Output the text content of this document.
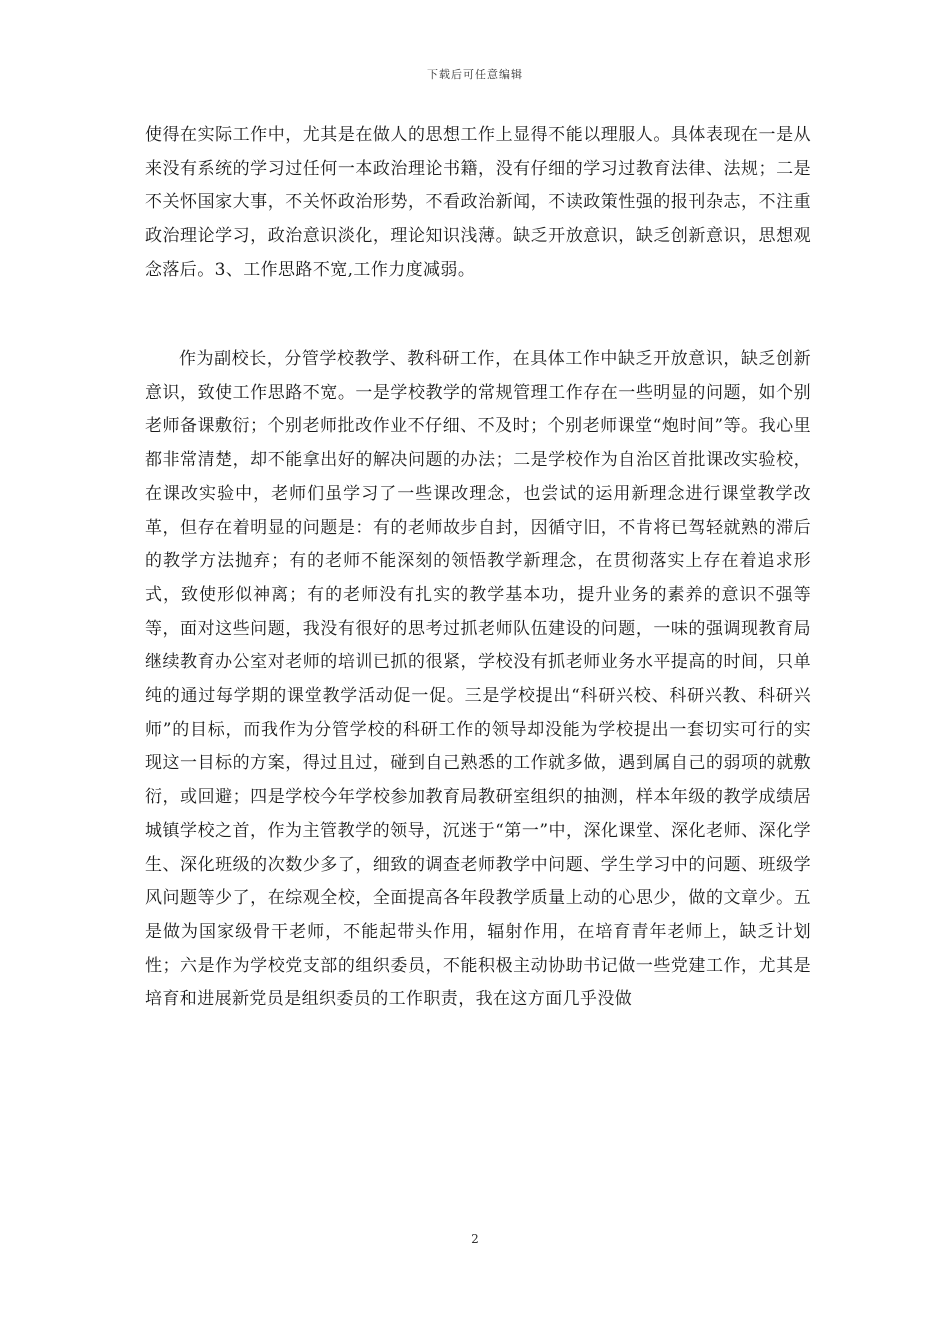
下载后可任意编辑

使得在实际工作中，尤其是在做人的思想工作上显得不能以理服人。具体表现在一是从来没有系统的学习过任何一本政治理论书籍，没有仔细的学习过教育法律、法规；二是不关怀国家大事，不关怀政治形势，不看政治新闻，不读政策性强的报刊杂志，不注重政治理论学习，政治意识淡化，理论知识浅薄。缺乏开放意识，缺乏创新意识，思想观念落后。3、工作思路不宽,工作力度减弱。

作为副校长，分管学校教学、教科研工作，在具体工作中缺乏开放意识，缺乏创新意识，致使工作思路不宽。一是学校教学的常规管理工作存在一些明显的问题，如个别老师备课敷衍；个别老师批改作业不仔细、不及时；个别老师课堂“炮时间”等。我心里都非常清楚，却不能拿出好的解决问题的办法；二是学校作为自治区首批课改实验校，在课改实验中，老师们虽学习了一些课改理念，也尝试的运用新理念进行课堂教学改革，但存在着明显的问题是：有的老师故步自封，因循守旧，不肯将已驾轻就熟的滞后的教学方法抛弃；有的老师不能深刻的领悟教学新理念，在贯彻落实上存在着追求形式，致使形似神离；有的老师没有扎实的教学基本功，提升业务的素养的意识不强等等，面对这些问题，我没有很好的思考过抓老师队伍建设的问题，一味的强调现教育局继续教育办公室对老师的培训已抓的很紧，学校没有抓老师业务水平提高的时间，只单纯的通过每学期的课堂教学活动促一促。三是学校提出“科研兴校、科研兴教、科研兴师”的目标，而我作为分管学校的科研工作的领导却没能为学校提出一套切实可行的实现这一目标的方案，得过且过，碰到自己熟悉的工作就多做，遇到属自己的弱项的就敷衍，或回避；四是学校今年学校参加教育局教研室组织的抽测，样本年级的教学成绩居城镇学校之首，作为主管教学的领导，沉迷于“第一”中，深化课堂、深化老师、深化学生、深化班级的次数少多了，细致的调查老师教学中问题、学生学习中的问题、班级学风问题等少了，在综观全校，全面提高各年段教学质量上动的心思少，做的文章少。五是做为国家级骨干老师，不能起带头作用，辐射作用，在培育青年老师上，缺乏计划性；六是作为学校党支部的组织委员，不能积极主动协助书记做一些党建工作，尤其是培育和进展新党员是组织委员的工作职责，我在这方面几乎没做

2
